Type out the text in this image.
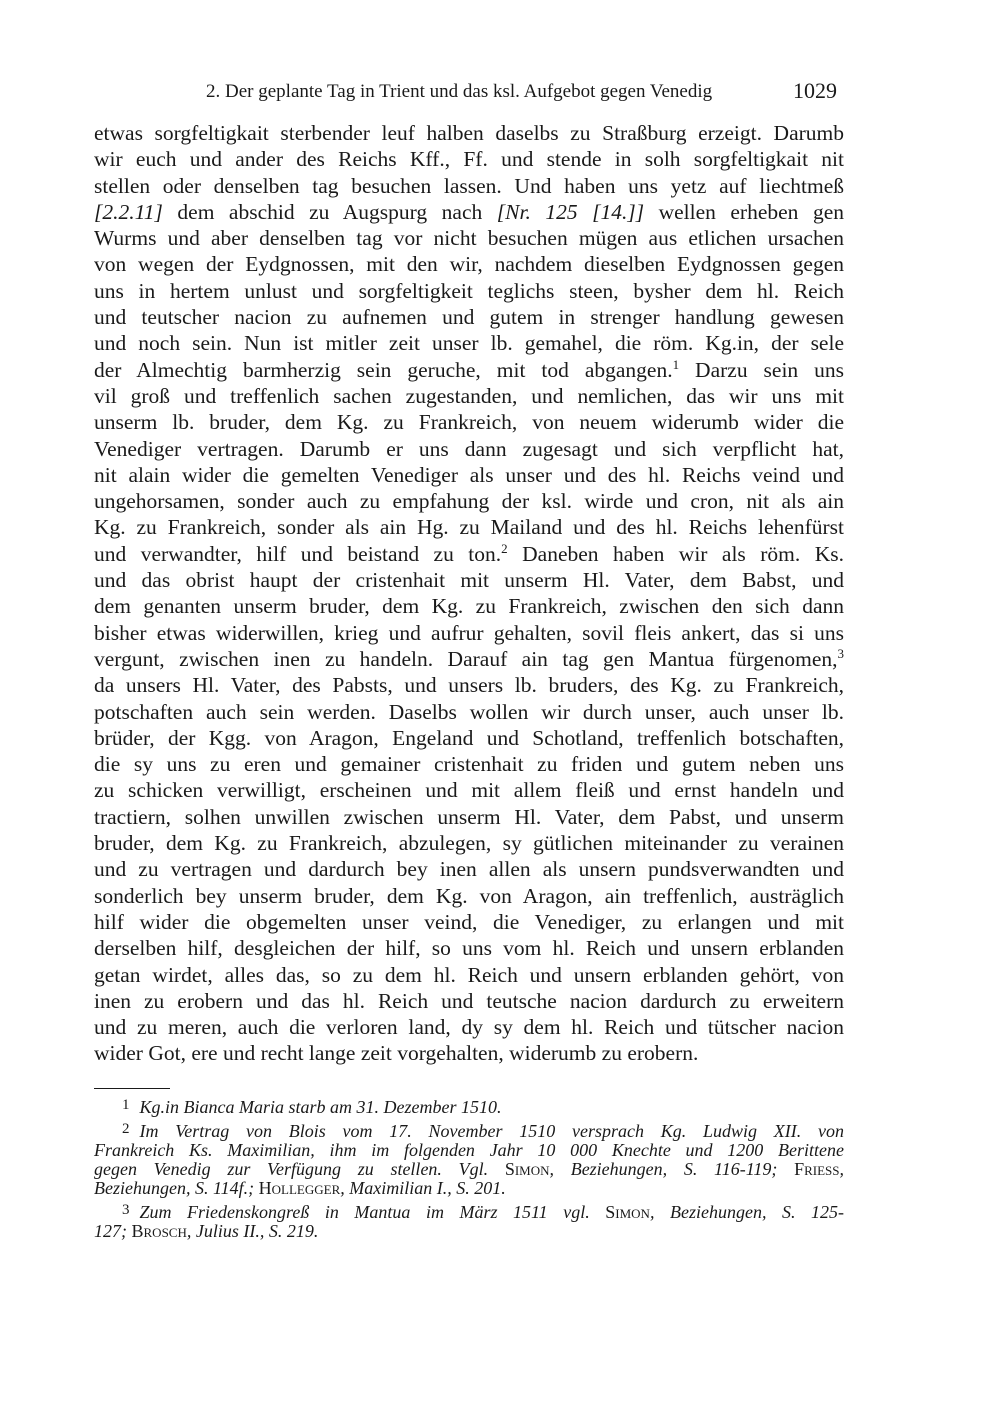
2. Der geplante Tag in Trient und das ksl. Aufgebot gegen Venedig	1029
etwas sorgfeltigkait sterbender leuf halben daselbs zu Straßburg erzeigt. Darumb
wir euch und ander des Reichs Kff., Ff. und stende in solh sorgfeltigkait nit
stellen oder denselben tag besuchen lassen. Und haben uns yetz auf liechtmeß
[2.2.11] dem abschid zu Augspurg nach [Nr. 125 [14.]] wellen erheben gen
Wurms und aber denselben tag vor nicht besuchen mügen aus etlichen ursachen
von wegen der Eydgnossen, mit den wir, nachdem dieselben Eydgnossen gegen
uns in hertem unlust und sorgfeltigkeit teglichs steen, bysher dem hl. Reich
und teutscher nacion zu aufnemen und gutem in strenger handlung gewesen
und noch sein. Nun ist mitler zeit unser lb. gemahel, die röm. Kg.in, der sele
der Almechtig barmherzig sein geruche, mit tod abgangen.$^1$ Darzu sein uns
vil groß und treffenlich sachen zugestanden, und nemlichen, das wir uns mit
unserm lb. bruder, dem Kg. zu Frankreich, von neuem widerumb wider die
Venediger vertragen. Darumb er uns dann zugesagt und sich verpflicht hat,
nit alain wider die gemelten Venediger als unser und des hl. Reichs veind und
ungehorsamen, sonder auch zu empfahung der ksl. wirde und cron, nit als ain
Kg. zu Frankreich, sonder als ain Hg. zu Mailand und des hl. Reichs lehenfürst
und verwandter, hilf und beistand zu ton.$^2$ Daneben haben wir als röm. Ks.
und das obrist haupt der cristenhait mit unserm Hl. Vater, dem Babst, und
dem genanten unserm bruder, dem Kg. zu Frankreich, zwischen den sich dann
bisher etwas widerwillen, krieg und aufrur gehalten, sovil fleis ankert, das si uns
vergunt, zwischen inen zu handeln. Darauf ain tag gen Mantua fürgenomen,$^3$
da unsers Hl. Vater, des Pabsts, und unsers lb. bruders, des Kg. zu Frankreich,
potschaften auch sein werden. Daselbs wollen wir durch unser, auch unser lb.
brüder, der Kgg. von Aragon, Engeland und Schotland, treffenlich botschaften,
die sy uns zu eren und gemainer cristenhait zu friden und gutem neben uns
zu schicken verwilligt, erscheinen und mit allem fleiß und ernst handeln und
tractiern, solhen unwillen zwischen unserm Hl. Vater, dem Pabst, und unserm
bruder, dem Kg. zu Frankreich, abzulegen, sy gütlichen miteinander zu verainen
und zu vertragen und dardurch bey inen allen als unsern pundsverwandten und
sonderlich bey unserm bruder, dem Kg. von Aragon, ain treffenlich, austräglich
hilf wider die obgemelten unser veind, die Venediger, zu erlangen und mit
derselben hilf, desgleichen der hilf, so uns vom hl. Reich und unsern erblanden
getan wirdet, alles das, so zu dem hl. Reich und unsern erblanden gehört, von
inen zu erobern und das hl. Reich und teutsche nacion dardurch zu erweitern
und zu meren, auch die verloren land, dy sy dem hl. Reich und tütscher nacion
wider Got, ere und recht lange zeit vorgehalten, widerumb zu erobern.
$^1$ Kg.in Bianca Maria starb am 31. Dezember 1510.
$^2$ Im Vertrag von Blois vom 17. November 1510 versprach Kg. Ludwig XII. von
Frankreich Ks. Maximilian, ihm im folgenden Jahr 10 000 Knechte und 1200 Berittene
gegen Venedig zur Verfügung zu stellen. Vgl. Simon, Beziehungen, S. 116-119; Friess,
Beziehungen, S. 114f.; Hollegger, Maximilian I., S. 201.
$^3$ Zum Friedenskongreß in Mantua im März 1511 vgl. Simon, Beziehungen, S. 125-
127; Brosch, Julius II., S. 219.
